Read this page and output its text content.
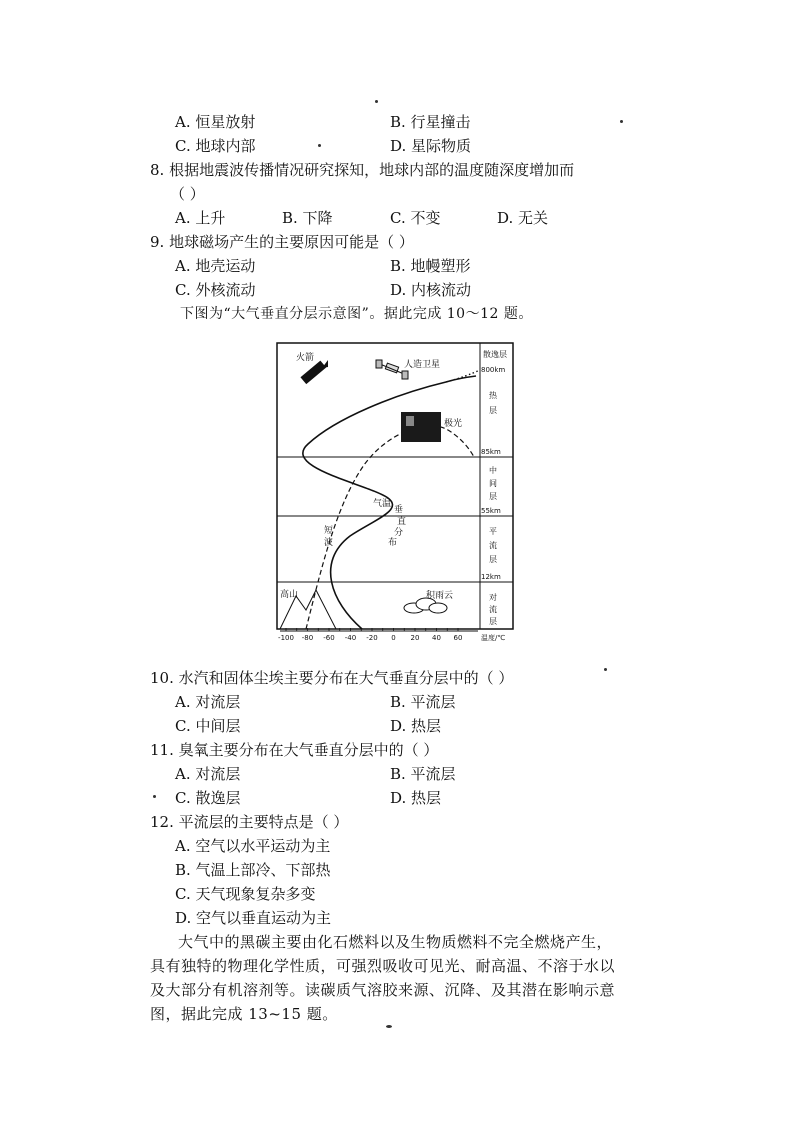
A. 恒星放射	B. 行星撞击
C. 地球内部	D. 星际物质
8. 根据地震波传播情况研究探知，地球内部的温度随深度增加而
（ ）
A. 上升	B. 下降	C. 不变	D. 无关
9. 地球磁场产生的主要原因可能是（ ）
A. 地壳运动	B. 地幔塑形
C. 外核流动	D. 内核流动
下图为“大气垂直分层示意图”。据此完成 10～12 题。
火箭
人造卫星
极光
气温
垂
直
分
布
短
波
高山	积雨云
散逸层
800km
热
层
85km
中
间
层
55km
平
流
层
12km
对
流
层
-100 -80 -60 -40 -20 0 20 40 60	温度/℃
10. 水汽和固体尘埃主要分布在大气垂直分层中的（ ）
A. 对流层	B. 平流层
C. 中间层	D. 热层
11. 臭氧主要分布在大气垂直分层中的（ ）
A. 对流层	B. 平流层
C. 散逸层	D. 热层
12. 平流层的主要特点是（ ）
A. 空气以水平运动为主
B. 气温上部冷、下部热
C. 天气现象复杂多变
D. 空气以垂直运动为主
大气中的黑碳主要由化石燃料以及生物质燃料不完全燃烧产生，
具有独特的物理化学性质，可强烈吸收可见光、耐高温、不溶于水以
及大部分有机溶剂等。读碳质气溶胶来源、沉降、及其潜在影响示意
图，据此完成 13~15 题。
